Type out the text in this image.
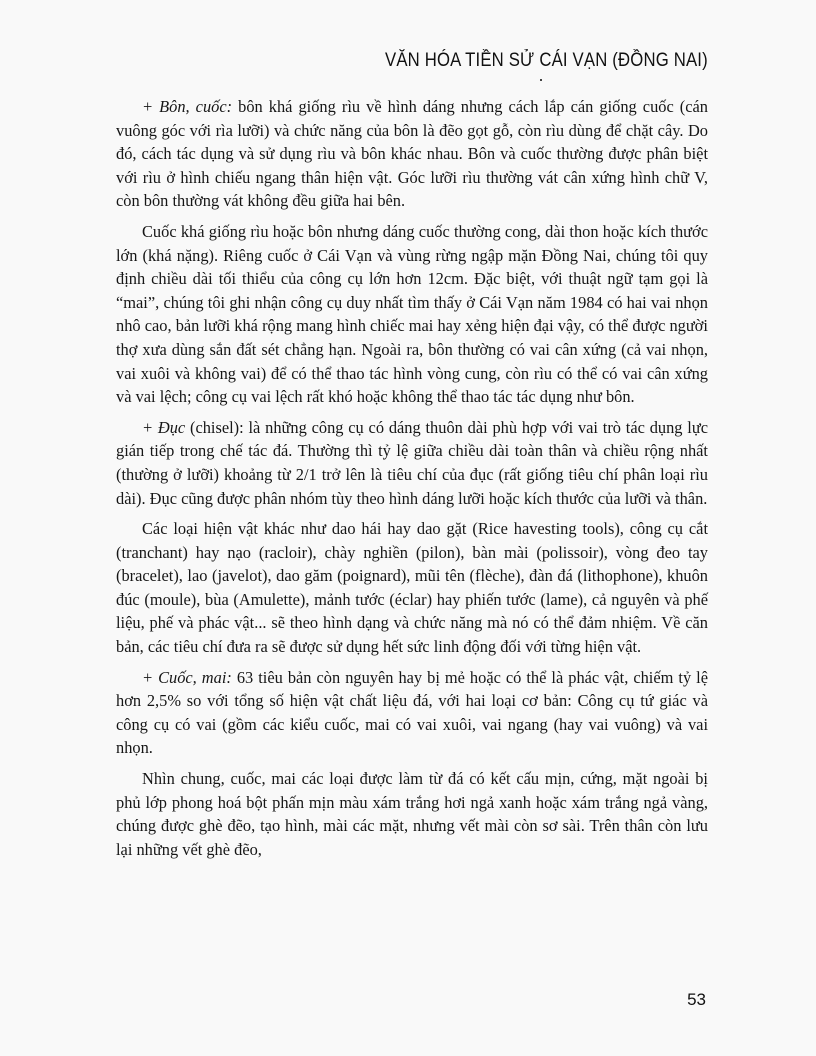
VĂN HÓA TIỀN SỬ CÁI VẠN (ĐỒNG NAI)

+ Bôn, cuốc: bôn khá giống rìu về hình dáng nhưng cách lắp cán giống cuốc (cán vuông góc với rìa lưỡi) và chức năng của bôn là đẽo gọt gỗ, còn rìu dùng để chặt cây. Do đó, cách tác dụng và sử dụng rìu và bôn khác nhau. Bôn và cuốc thường được phân biệt với rìu ở hình chiếu ngang thân hiện vật. Góc lưỡi rìu thường vát cân xứng hình chữ V, còn bôn thường vát không đều giữa hai bên.

Cuốc khá giống rìu hoặc bôn nhưng dáng cuốc thường cong, dài thon hoặc kích thước lớn (khá nặng). Riêng cuốc ở Cái Vạn và vùng rừng ngập mặn Đồng Nai, chúng tôi quy định chiều dài tối thiểu của công cụ lớn hơn 12cm. Đặc biệt, với thuật ngữ tạm gọi là “mai”, chúng tôi ghi nhận công cụ duy nhất tìm thấy ở Cái Vạn năm 1984 có hai vai nhọn nhô cao, bản lưỡi khá rộng mang hình chiếc mai hay xẻng hiện đại vậy, có thể được người thợ xưa dùng sắn đất sét chẳng hạn. Ngoài ra, bôn thường có vai cân xứng (cả vai nhọn, vai xuôi và không vai) để có thể thao tác hình vòng cung, còn rìu có thể có vai cân xứng và vai lệch; công cụ vai lệch rất khó hoặc không thể thao tác tác dụng như bôn.

+ Đục (chisel): là những công cụ có dáng thuôn dài phù hợp với vai trò tác dụng lực gián tiếp trong chế tác đá. Thường thì tỷ lệ giữa chiều dài toàn thân và chiều rộng nhất (thường ở lưỡi) khoảng từ 2/1 trở lên là tiêu chí của đục (rất giống tiêu chí phân loại rìu dài). Đục cũng được phân nhóm tùy theo hình dáng lưỡi hoặc kích thước của lưỡi và thân.

Các loại hiện vật khác như dao hái hay dao gặt (Rice havesting tools), công cụ cắt (tranchant) hay nạo (racloir), chày nghiền (pilon), bàn mài (polissoir), vòng đeo tay (bracelet), lao (javelot), dao găm (poignard), mũi tên (flèche), đàn đá (lithophone), khuôn đúc (moule), bùa (Amulette), mảnh tước (éclar) hay phiến tước (lame), cả nguyên và phế liệu, phế và phác vật... sẽ theo hình dạng và chức năng mà nó có thể đảm nhiệm. Về căn bản, các tiêu chí đưa ra sẽ được sử dụng hết sức linh động đối với từng hiện vật.

+ Cuốc, mai: 63 tiêu bản còn nguyên hay bị mẻ hoặc có thể là phác vật, chiếm tỷ lệ hơn 2,5% so với tổng số hiện vật chất liệu đá, với hai loại cơ bản: Công cụ tứ giác và công cụ có vai (gồm các kiểu cuốc, mai có vai xuôi, vai ngang (hay vai vuông) và vai nhọn.

Nhìn chung, cuốc, mai các loại được làm từ đá có kết cấu mịn, cứng, mặt ngoài bị phủ lớp phong hoá bột phấn mịn màu xám trắng hơi ngả xanh hoặc xám trắng ngả vàng, chúng được ghè đẽo, tạo hình, mài các mặt, nhưng vết mài còn sơ sài. Trên thân còn lưu lại những vết ghè đẽo,

53
